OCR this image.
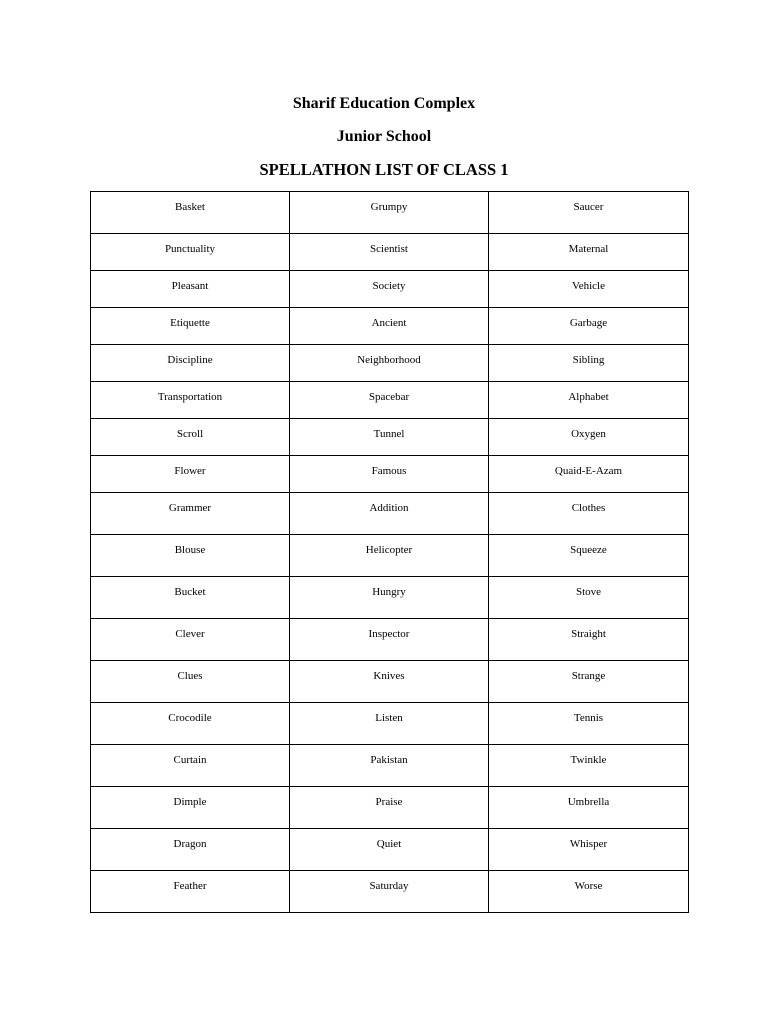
Sharif Education Complex
Junior School
SPELLATHON LIST OF CLASS 1
Basket	Grumpy	Saucer
Punctuality	Scientist	Maternal
Pleasant	Society	Vehicle
Etiquette	Ancient	Garbage
Discipline	Neighborhood	Sibling
Transportation	Spacebar	Alphabet
Scroll	Tunnel	Oxygen
Flower	Famous	Quaid-E-Azam
Grammer	Addition	Clothes
Blouse	Helicopter	Squeeze
Bucket	Hungry	Stove
Clever	Inspector	Straight
Clues	Knives	Strange
Crocodile	Listen	Tennis
Curtain	Pakistan	Twinkle
Dimple	Praise	Umbrella
Dragon	Quiet	Whisper
Feather	Saturday	Worse
